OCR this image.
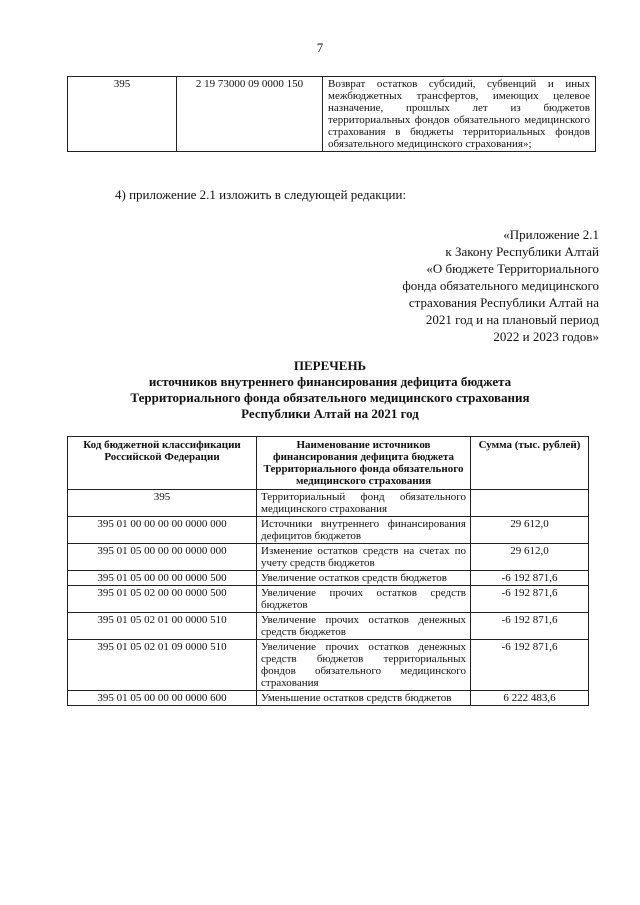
7
395	2 19 73000 09 0000 150	Возврат остатков субсидий, субвенций и иных межбюджетных трансфертов, имеющих целевое назначение, прошлых лет из бюджетов территориальных фондов обязательного медицинского страхования в бюджеты территориальных фондов обязательного медицинского страхования»;
4) приложение 2.1 изложить в следующей редакции:
«Приложение 2.1
к Закону Республики Алтай
«О бюджете Территориального
фонда обязательного медицинского
страхования Республики Алтай на
2021 год и на плановый период
2022 и 2023 годов»
ПЕРЕЧЕНЬ
источников внутреннего финансирования дефицита бюджета
Территориального фонда обязательного медицинского страхования
Республики Алтай на 2021 год
Код бюджетной классификации Российской Федерации	Наименование источников финансирования дефицита бюджета Территориального фонда обязательного медицинского страхования	Сумма (тыс. рублей)
395	Территориальный фонд обязательного медицинского страхования	
395 01 00 00 00 00 0000 000	Источники внутреннего финансирования дефицитов бюджетов	29 612,0
395 01 05 00 00 00 0000 000	Изменение остатков средств на счетах по учету средств бюджетов	29 612,0
395 01 05 00 00 00 0000 500	Увеличение остатков средств бюджетов	-6 192 871,6
395 01 05 02 00 00 0000 500	Увеличение прочих остатков средств бюджетов	-6 192 871,6
395 01 05 02 01 00 0000 510	Увеличение прочих остатков денежных средств бюджетов	-6 192 871,6
395 01 05 02 01 09 0000 510	Увеличение прочих остатков денежных средств бюджетов территориальных фондов обязательного медицинского страхования	-6 192 871,6
395 01 05 00 00 00 0000 600	Уменьшение остатков средств бюджетов	6 222 483,6
